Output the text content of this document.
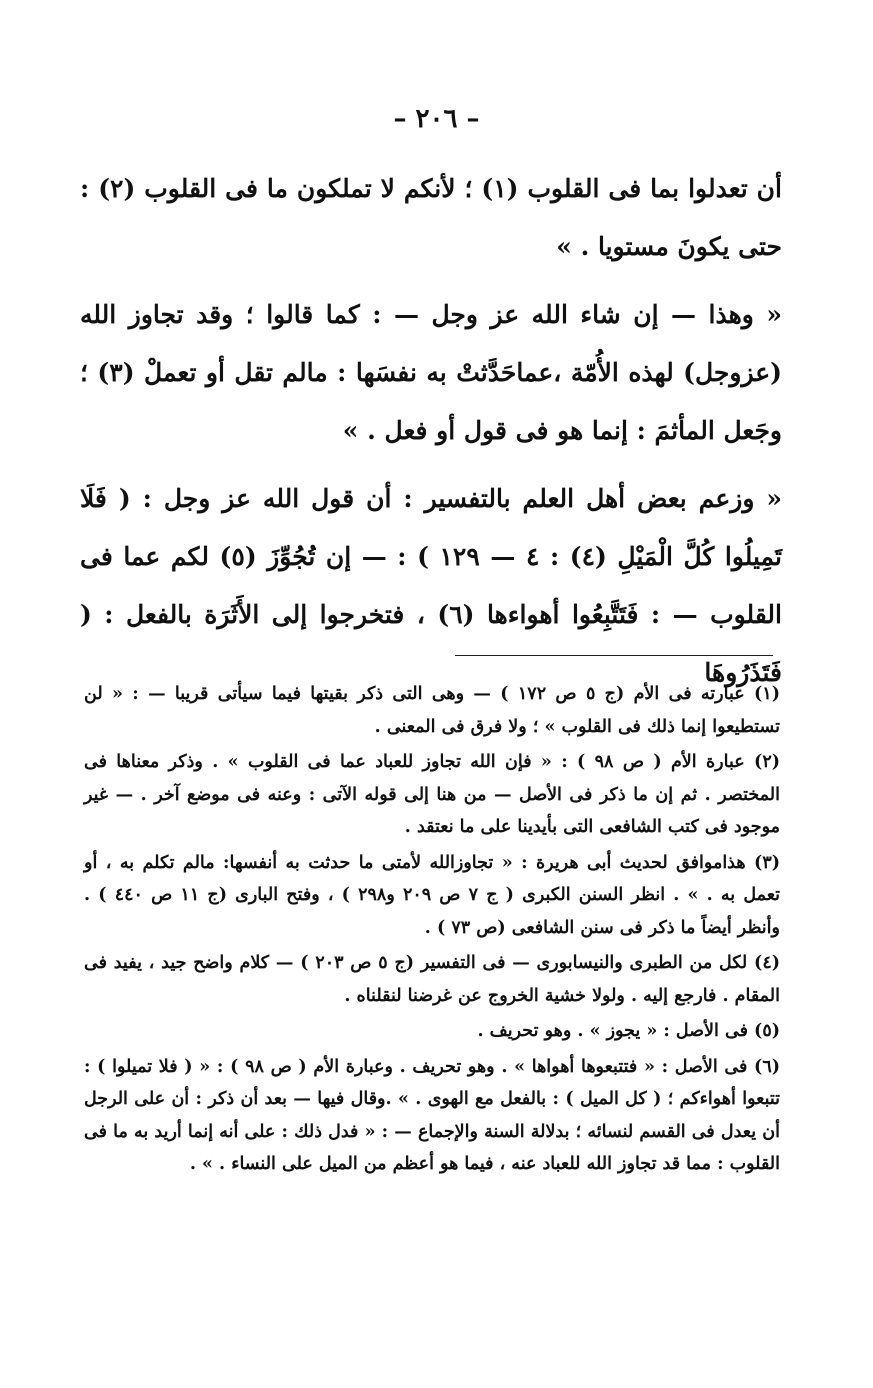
– ٢٠٦ –

أن تعدلوا بما فى القلوب (١) ؛ لأنكم لا تملكون ما فى القلوب (٢) : حتى يكونَ مستويا . »

« وهذا — إن شاء الله عز وجل — : كما قالوا ؛ وقد تجاوز الله (عزوجل) لهذه الأُمّة ،عماحَدَّثتْ به نفسَها : مالم تقل أو تعملْ (٣) ؛ وجَعل المأثمَ : إنما هو فى قول أو فعل . »

« وزعم بعض أهل العلم بالتفسير : أن قول الله عز وجل : ( فَلَا تَمِيلُوا كُلَّ الْمَيْلِ (٤) : ٤ — ١٢٩ ) : — إن تُجُوِّزَ (٥) لكم عما فى القلوب — : فَتَتَّبِعُوا أهواءها (٦) ، فتخرجوا إلى الأَثَرَة بالفعل : ( فَتَذَرُوهَا

(١) عبارته فى الأم (ج ٥ ص ١٧٢ ) — وهى التى ذكر بقيتها فيما سيأتى قريبا — : « لن تستطيعوا إنما ذلك فى القلوب » ؛ ولا فرق فى المعنى .

(٢) عبارة الأم ( ص ٩٨ ) : « فإن الله تجاوز للعباد عما فى القلوب » . وذكر معناها فى المختصر . ثم إن ما ذكر فى الأصل — من هنا إلى قوله الآتى : وعنه فى موضع آخر . — غير موجود فى كتب الشافعى التى بأيدينا على ما نعتقد .

(٣) هذاموافق لحديث أبى هريرة : « تجاوزالله لأمتى ما حدثت به أنفسها: مالم تكلم به ، أو تعمل به . » . انظر السنن الكبرى ( ج ٧ ص ٢٠٩ و٢٩٨ ) ، وفتح البارى (ج ١١ ص ٤٤٠ ) . وأنظر أيضاً ما ذكر فى سنن الشافعى (ص ٧٣ ) .

(٤) لكل من الطبرى والنيسابورى — فى التفسير (ج ٥ ص ٢٠٣ ) — كلام واضح جيد ، يفيد فى المقام . فارجع إليه . ولولا خشية الخروج عن غرضنا لنقلناه .

(٥) فى الأصل : « يجوز » . وهو تحريف .

(٦) فى الأصل : « فتتبعوها أهواها » . وهو تحريف . وعبارة الأم ( ص ٩٨ ) : « ( فلا تميلوا ) : تتبعوا أهواءكم ؛ ( كل الميل ) : بالفعل مع الهوى . » .وقال فيها — بعد أن ذكر : أن على الرجل أن يعدل فى القسم لنسائه ؛ بدلالة السنة والإجماع — : « فدل ذلك : على أنه إنما أريد به ما فى القلوب : مما قد تجاوز الله للعباد عنه ، فيما هو أعظم من الميل على النساء . » .
